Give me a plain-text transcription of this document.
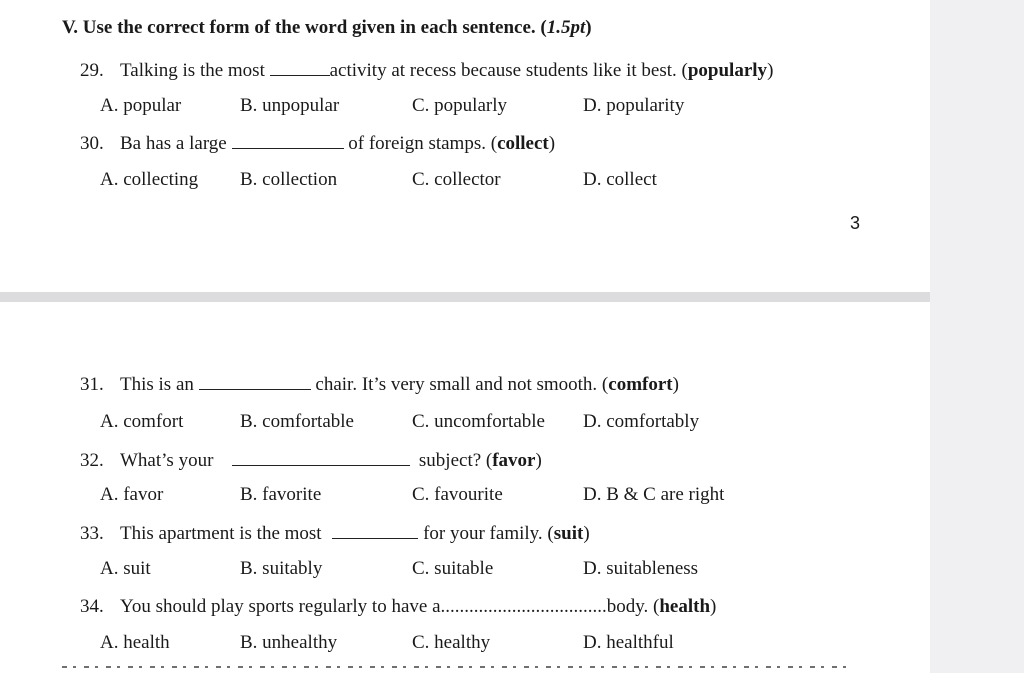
V. Use the correct form of the word given in each sentence. (1.5pt)
29. Talking is the most	activity at recess because students like it best. (popularly)
A. popular	B. unpopular	C. popularly	D. popularity
30. Ba has a large	of foreign stamps. (collect)
A. collecting B. collection	C. collector	D. collect
3
31. This is an	chair. It’s very small and not smooth. (comfort)
A. comfort	B. comfortable	C. uncomfortable D. comfortably
32. What’s your	subject? (favor)
A. favor	B. favorite	C. favourite	D. B & C are right
33. This apartment is the most	for your family. (suit)
A. suit	B. suitably	C. suitable	D. suitableness
34. You should play sports regularly to have a...................................body. (health)
A. health	B. unhealthy	C. healthy	D. healthful
